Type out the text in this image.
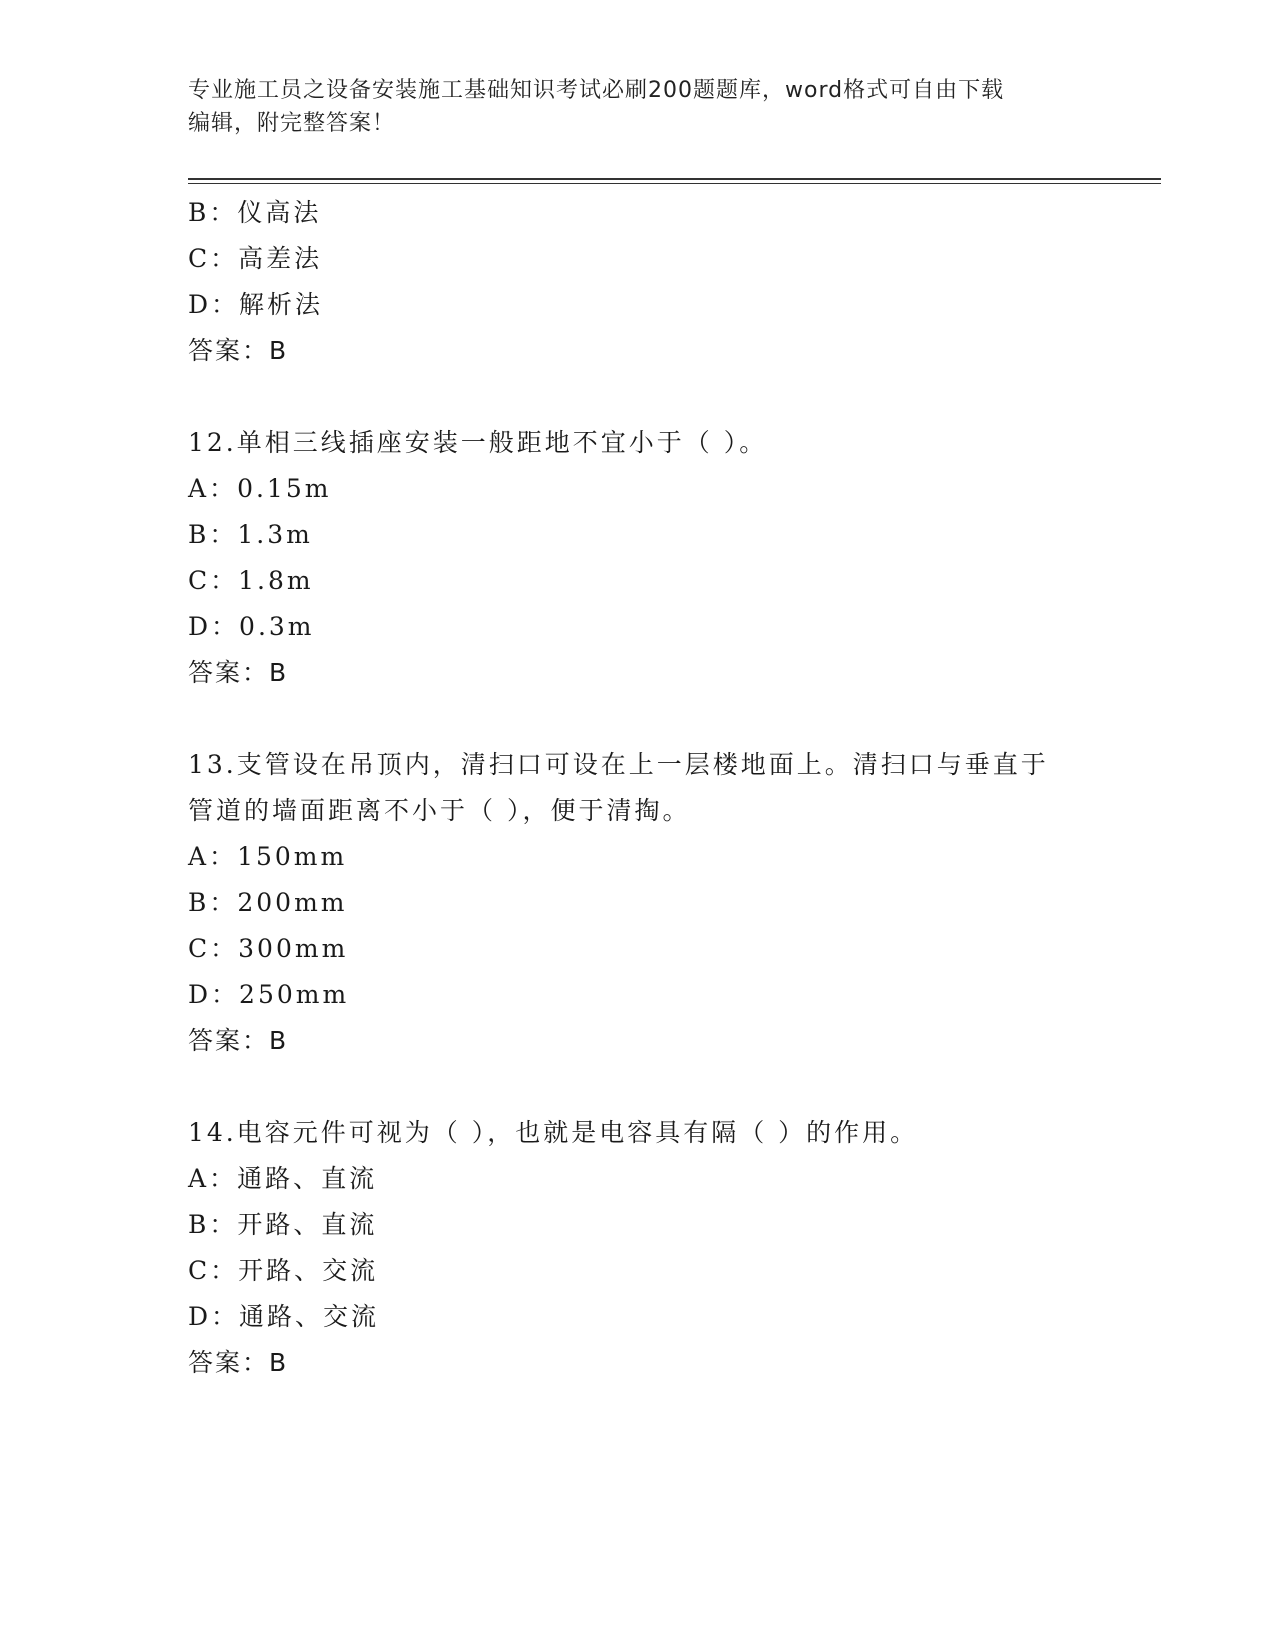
专业施工员之设备安装施工基础知识考试必刷200题题库，word格式可自由下载
编辑，附完整答案！
B：仪高法
C：高差法
D：解析法
答案：B
12.单相三线插座安装一般距地不宜小于（ ）。
A：0.15m
B：1.3m
C：1.8m
D：0.3m
答案：B
13.支管设在吊顶内，清扫口可设在上一层楼地面上。清扫口与垂直于
管道的墙面距离不小于（ ），便于清掏。
A：150mm
B：200mm
C：300mm
D：250mm
答案：B
14.电容元件可视为（ ），也就是电容具有隔（ ）的作用。
A：通路、直流
B：开路、直流
C：开路、交流
D：通路、交流
答案：B
